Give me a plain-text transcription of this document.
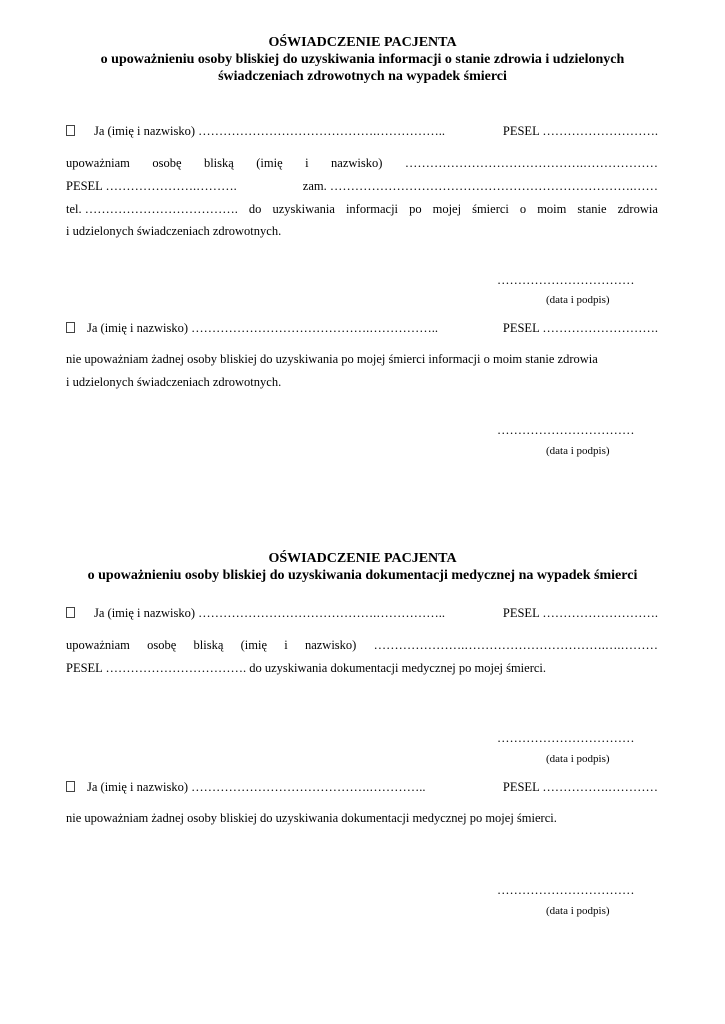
OŚWIADCZENIE PACJENTA
o upoważnieniu osoby bliskiej do uzyskiwania informacji o stanie zdrowia i udzielonych
świadczeniach zdrowotnych na wypadek śmierci
Ja (imię i nazwisko) …………………………………….……………..	PESEL ……………………….
upoważniam osobę bliską (imię i nazwisko) …………………………………….………………
PESEL ………………….……….	zam. ……………………………………………………………….……
tel. ………………………………. do uzyskiwania informacji po mojej śmierci o moim stanie zdrowia
i udzielonych świadczeniach zdrowotnych.
……………………………
(data i podpis)
Ja (imię i nazwisko) …………………………………….……………..	PESEL ……………………….
nie upoważniam żadnej osoby bliskiej do uzyskiwania po mojej śmierci informacji o moim stanie zdrowia
i udzielonych świadczeniach zdrowotnych.
……………………………
(data i podpis)
OŚWIADCZENIE PACJENTA
o upoważnieniu osoby bliskiej do uzyskiwania dokumentacji medycznej na wypadek śmierci
Ja (imię i nazwisko) …………………………………….……………..	PESEL ……………………….
upoważniam osobę bliską (imię i nazwisko) ………………….…………………………….….………
PESEL ……………………………. do uzyskiwania dokumentacji medycznej po mojej śmierci.
……………………………
(data i podpis)
Ja (imię i nazwisko) …………………………………….…………..	PESEL …………….…………
nie upoważniam żadnej osoby bliskiej do uzyskiwania dokumentacji medycznej po mojej śmierci.
……………………………
(data i podpis)
